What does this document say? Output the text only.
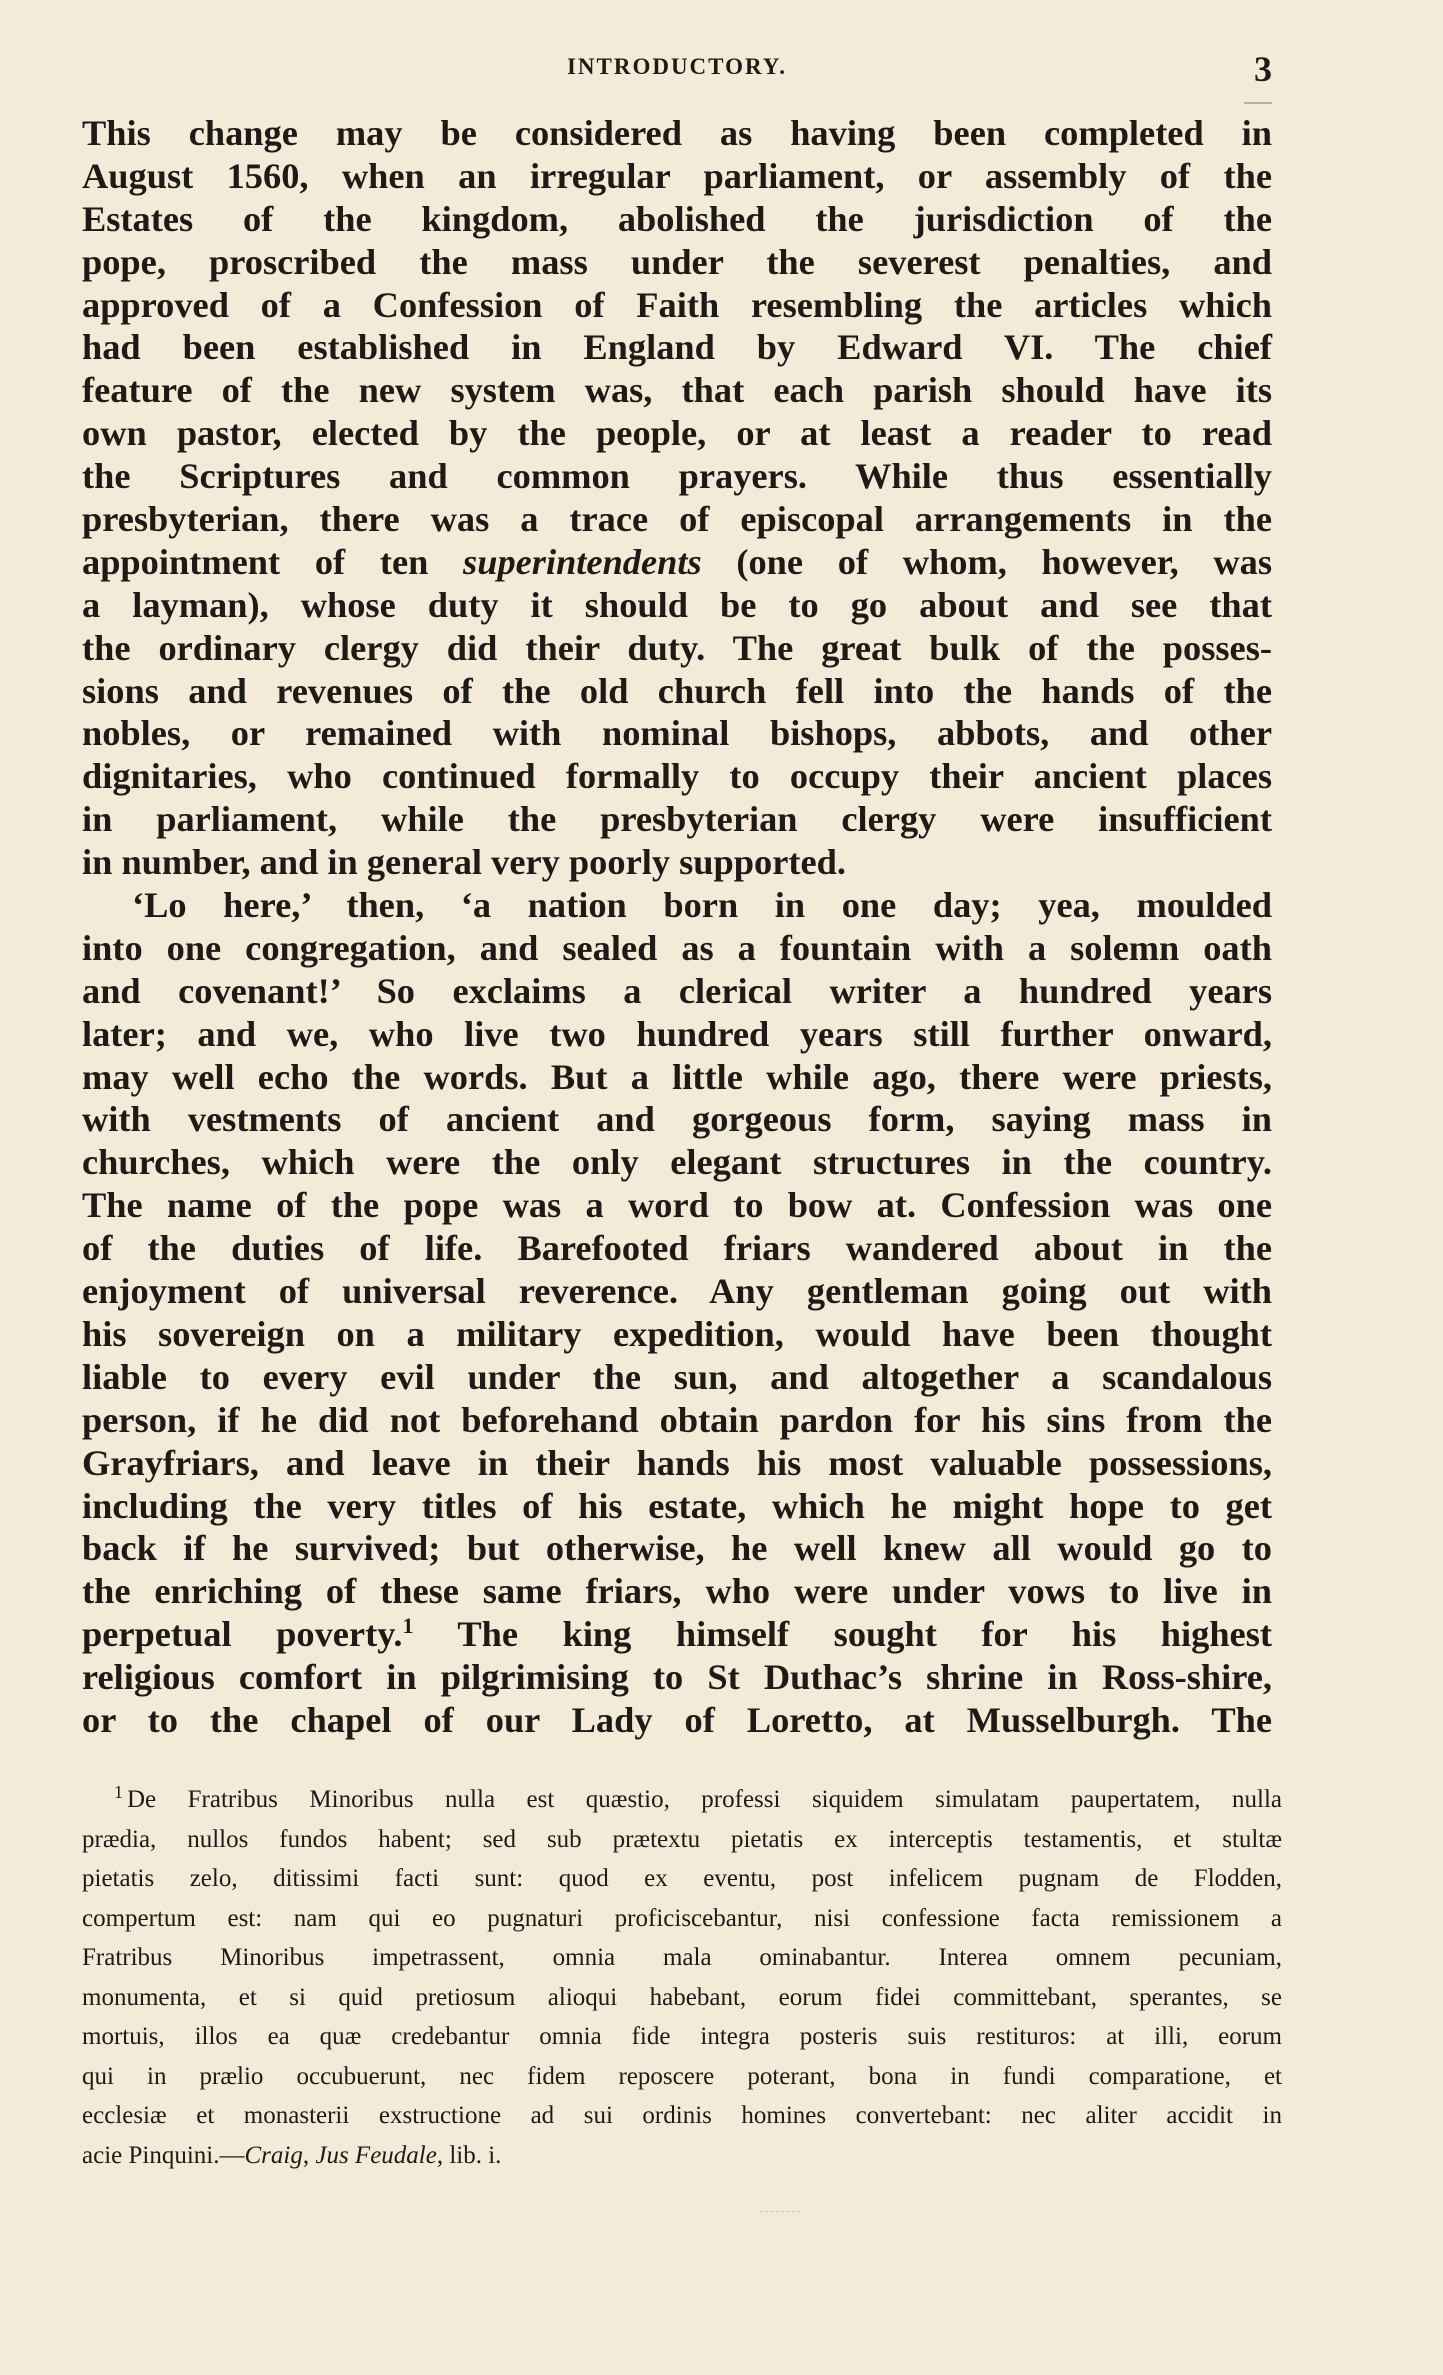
INTRODUCTORY.	3
This change may be considered as having been completed in
August 1560, when an irregular parliament, or assembly of the
Estates of the kingdom, abolished the jurisdiction of the
pope, proscribed the mass under the severest penalties, and
approved of a Confession of Faith resembling the articles which
had been established in England by Edward VI. The chief
feature of the new system was, that each parish should have its
own pastor, elected by the people, or at least a reader to read
the Scriptures and common prayers. While thus essentially
presbyterian, there was a trace of episcopal arrangements in the
appointment of ten superintendents (one of whom, however, was
a layman), whose duty it should be to go about and see that
the ordinary clergy did their duty. The great bulk of the posses-
sions and revenues of the old church fell into the hands of the
nobles, or remained with nominal bishops, abbots, and other
dignitaries, who continued formally to occupy their ancient places
in parliament, while the presbyterian clergy were insufficient
in number, and in general very poorly supported.
‘Lo here,’ then, ‘a nation born in one day; yea, moulded
into one congregation, and sealed as a fountain with a solemn oath
and covenant!’ So exclaims a clerical writer a hundred years
later; and we, who live two hundred years still further onward,
may well echo the words. But a little while ago, there were priests,
with vestments of ancient and gorgeous form, saying mass in
churches, which were the only elegant structures in the country.
The name of the pope was a word to bow at. Confession was one
of the duties of life. Barefooted friars wandered about in the
enjoyment of universal reverence. Any gentleman going out with
his sovereign on a military expedition, would have been thought
liable to every evil under the sun, and altogether a scandalous
person, if he did not beforehand obtain pardon for his sins from the
Grayfriars, and leave in their hands his most valuable possessions,
including the very titles of his estate, which he might hope to get
back if he survived; but otherwise, he well knew all would go to
the enriching of these same friars, who were under vows to live in
perpetual poverty.$^1$ The king himself sought for his highest
religious comfort in pilgrimising to St Duthac’s shrine in Ross-shire,
or to the chapel of our Lady of Loretto, at Musselburgh. The
$^1$ De Fratribus Minoribus nulla est quæstio, professi siquidem simulatam paupertatem, nulla
prædia, nullos fundos habent; sed sub prætextu pietatis ex interceptis testamentis, et stultæ
pietatis zelo, ditissimi facti sunt: quod ex eventu, post infelicem pugnam de Flodden,
compertum est: nam qui eo pugnaturi proficiscebantur, nisi confessione facta remissionem a
Fratribus Minoribus impetrassent, omnia mala ominabantur. Interea omnem pecuniam,
monumenta, et si quid pretiosum alioqui habebant, eorum fidei committebant, sperantes, se
mortuis, illos ea quæ credebantur omnia fide integra posteris suis restituros: at illi, eorum
qui in prælio occubuerunt, nec fidem reposcere poterant, bona in fundi comparatione, et
ecclesiæ et monasterii exstructione ad sui ordinis homines convertebant: nec aliter accidit in
acie Pinquini.—Craig, Jus Feudale, lib. i.
